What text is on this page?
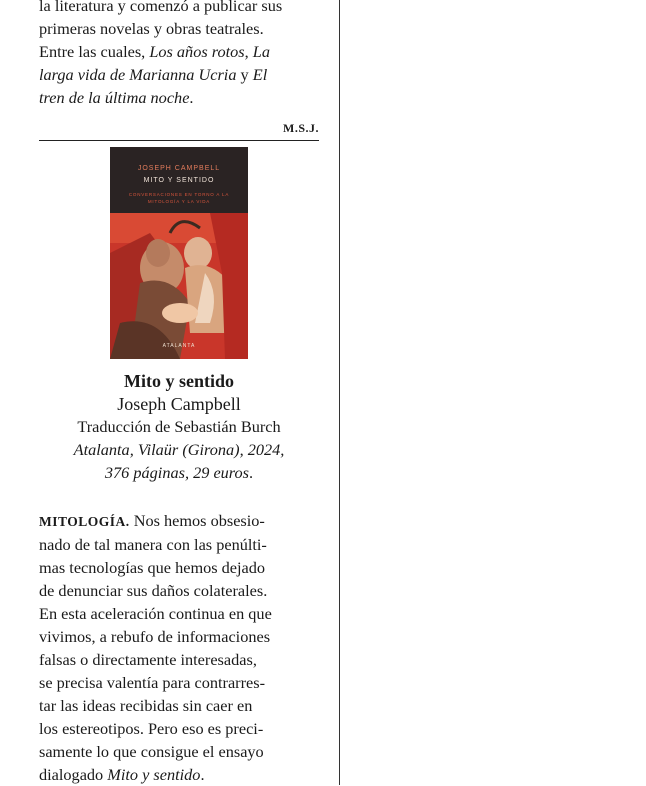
la literatura y comenzó a publicar sus
primeras novelas y obras teatrales.
Entre las cuales, Los años rotos, La
larga vida de Marianna Ucria y El
tren de la última noche.
M.S.J.
JOSEPH CAMPBELL
MITO Y SENTIDO
CONVERSACIONES EN TORNO A LA MITOLOGÍA Y LA VIDA
ATALANTA
Mito y sentido
Joseph Campbell
Traducción de Sebastián Burch
Atalanta, Vilaür (Girona), 2024,
376 páginas, 29 euros.
MITOLOGÍA. Nos hemos obsesio-
nado de tal manera con las penúlti-
mas tecnologías que hemos dejado
de denunciar sus daños colaterales.
En esta aceleración continua en que
vivimos, a rebufo de informaciones
falsas o directamente interesadas,
se precisa valentía para contrarres-
tar las ideas recibidas sin caer en
los estereotipos. Pero eso es preci-
samente lo que consigue el ensayo
dialogado Mito y sentido.
